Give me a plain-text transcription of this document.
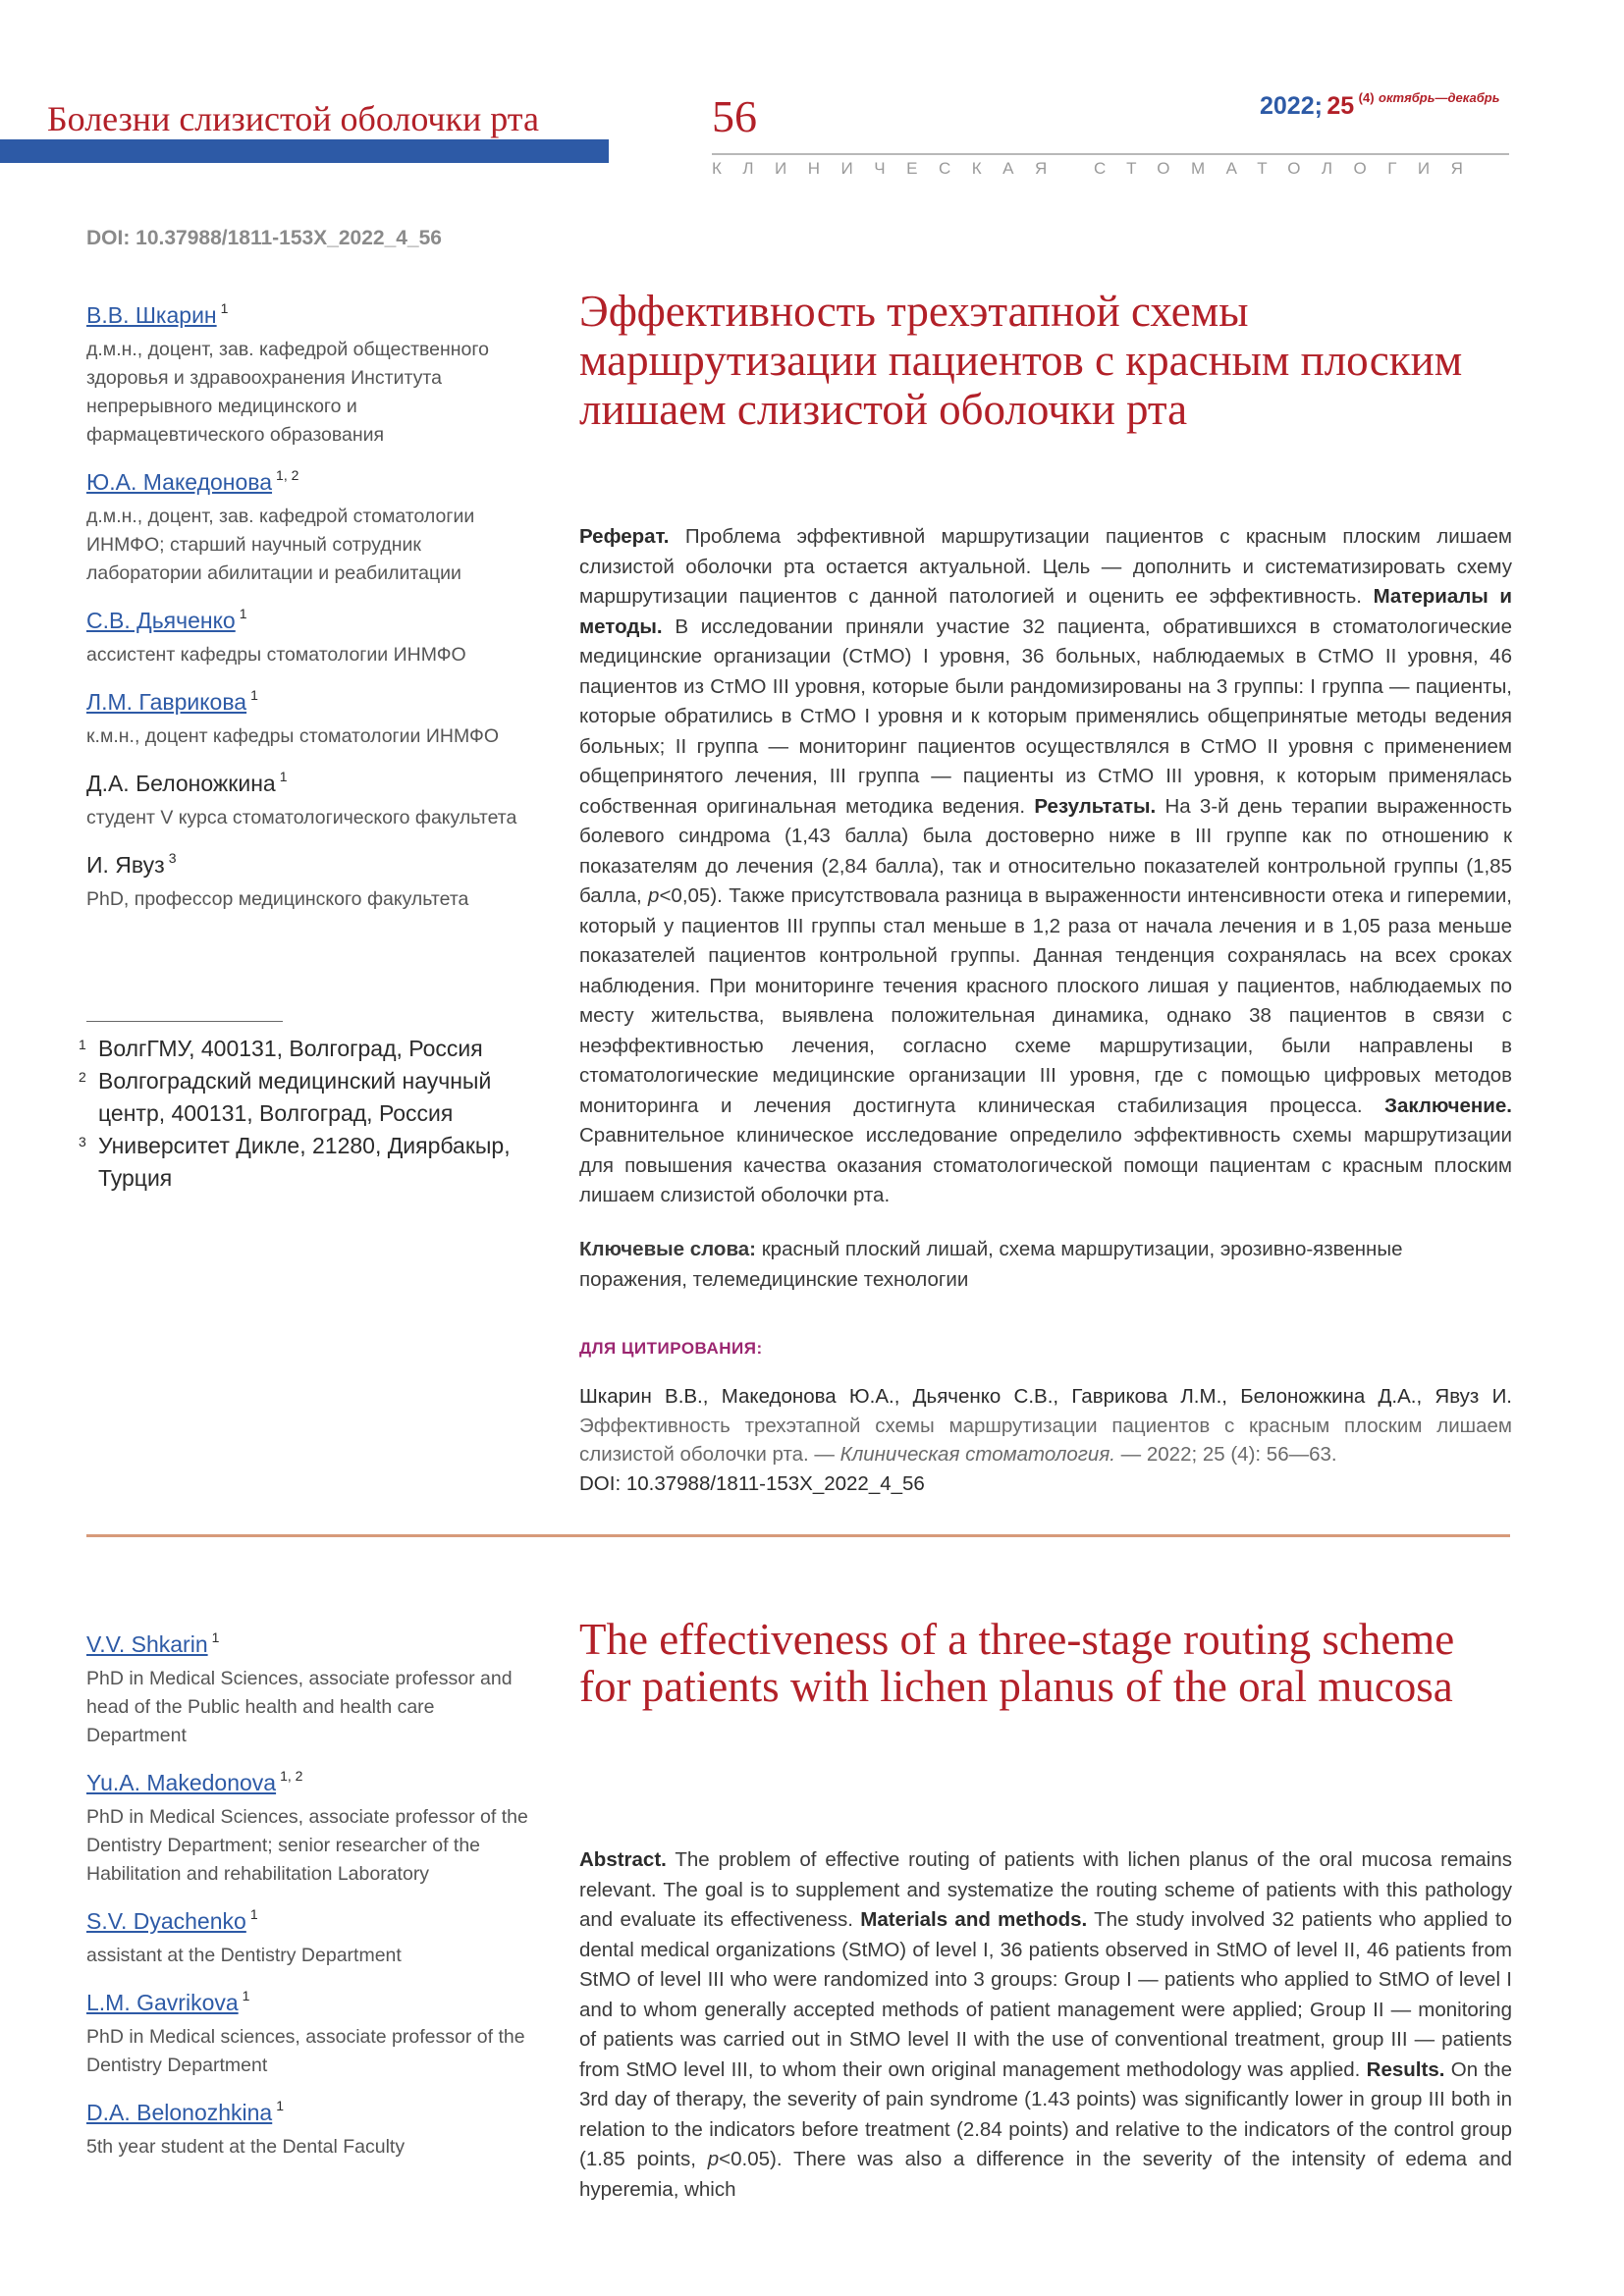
Болезни слизистой оболочки рта	56	2022; 25 $^{(4)}$ $^{октябрь—декабрь}$
КЛИНИЧЕСКАЯ СТОМАТОЛОГИЯ
DOI: 10.37988/1811-153X_2022_4_56
В.В. Шкарин $^1$
д.м.н., доцент, зав. кафедрой общественного здоровья и здравоохранения Института непрерывного медицинского и фармацевтического образования
Ю.А. Македонова $^{1, 2}$
д.м.н., доцент, зав. кафедрой стоматологии ИНМФО; старший научный сотрудник лаборатории абилитации и реабилитации
С.В. Дьяченко $^1$
ассистент кафедры стоматологии ИНМФО
Л.М. Гаврикова $^1$
к.м.н., доцент кафедры стоматологии ИНМФО
Д.А. Белоножкина $^1$
студент V курса стоматологического факультета
И. Явуз $^3$
PhD, профессор медицинского факультета
1 ВолгГМУ, 400131, Волгоград, Россия
2 Волгоградский медицинский научный центр, 400131, Волгоград, Россия
3 Университет Дикле, 21280, Диярбакыр, Турция
Эффективность трехэтапной схемы маршрутизации пациентов с красным плоским лишаем слизистой оболочки рта
Реферат. Проблема эффективной маршрутизации пациентов с красным плоским лишаем слизистой оболочки рта остается актуальной. Цель — дополнить и систематизировать схему маршрутизации пациентов с данной патологией и оценить ее эффективность. Материалы и методы. В исследовании приняли участие 32 пациента, обратившихся в стоматологические медицинские организации (СтМО) I уровня, 36 больных, наблюдаемых в СтМО II уровня, 46 пациентов из СтМО III уровня, которые были рандомизированы на 3 группы: I группа — пациенты, которые обратились в СтМО I уровня и к которым применялись общепринятые методы ведения больных; II группа — мониторинг пациентов осуществлялся в СтМО II уровня с применением общепринятого лечения, III группа — пациенты из СтМО III уровня, к которым применялась собственная оригинальная методика ведения. Результаты. На 3-й день терапии выраженность болевого синдрома (1,43 балла) была достоверно ниже в III группе как по отношению к показателям до лечения (2,84 балла), так и относительно показателей контрольной группы (1,85 балла, p<0,05). Также присутствовала разница в выраженности интенсивности отека и гиперемии, который у пациентов III группы стал меньше в 1,2 раза от начала лечения и в 1,05 раза меньше показателей пациентов контрольной группы. Данная тенденция сохранялась на всех сроках наблюдения. При мониторинге течения красного плоского лишая у пациентов, наблюдаемых по месту жительства, выявлена положительная динамика, однако 38 пациентов в связи с неэффективностью лечения, согласно схеме маршрутизации, были направлены в стоматологические медицинские организации III уровня, где с помощью цифровых методов мониторинга и лечения достигнута клиническая стабилизация процесса. Заключение. Сравнительное клиническое исследование определило эффективность схемы маршрутизации для повышения качества оказания стоматологической помощи пациентам с красным плоским лишаем слизистой оболочки рта.
Ключевые слова: красный плоский лишай, схема маршрутизации, эрозивно-язвенные поражения, телемедицинские технологии
ДЛЯ ЦИТИРОВАНИЯ:
Шкарин В.В., Македонова Ю.А., Дьяченко С.В., Гаврикова Л.М., Белоножкина Д.А., Явуз И. Эффективность трехэтапной схемы маршрутизации пациентов с красным плоским лишаем слизистой оболочки рта. — Клиническая стоматология. — 2022; 25 (4): 56—63.
DOI: 10.37988/1811-153X_2022_4_56
V.V. Shkarin $^1$
PhD in Medical Sciences, associate professor and head of the Public health and health care Department
Yu.A. Makedonova $^{1, 2}$
PhD in Medical Sciences, associate professor of the Dentistry Department; senior researcher of the Habilitation and rehabilitation Laboratory
S.V. Dyachenko $^1$
assistant at the Dentistry Department
L.M. Gavrikova $^1$
PhD in Medical sciences, associate professor of the Dentistry Department
D.A. Belonozhkina $^1$
5th year student at the Dental Faculty
The effectiveness of a three-stage routing scheme for patients with lichen planus of the oral mucosa
Abstract. The problem of effective routing of patients with lichen planus of the oral mucosa remains relevant. The goal is to supplement and systematize the routing scheme of patients with this pathology and evaluate its effectiveness. Materials and methods. The study involved 32 patients who applied to dental medical organizations (StMO) of level I, 36 patients observed in StMO of level II, 46 patients from StMO of level III who were randomized into 3 groups: Group I — patients who applied to StMO of level I and to whom generally accepted methods of patient management were applied; Group II — monitoring of patients was carried out in StMO level II with the use of conventional treatment, group III — patients from StMO level III, to whom their own original management methodology was applied. Results. On the 3rd day of therapy, the severity of pain syndrome (1.43 points) was significantly lower in group III both in relation to the indicators before treatment (2.84 points) and relative to the indicators of the control group (1.85 points, p<0.05). There was also a difference in the severity of the intensity of edema and hyperemia, which
